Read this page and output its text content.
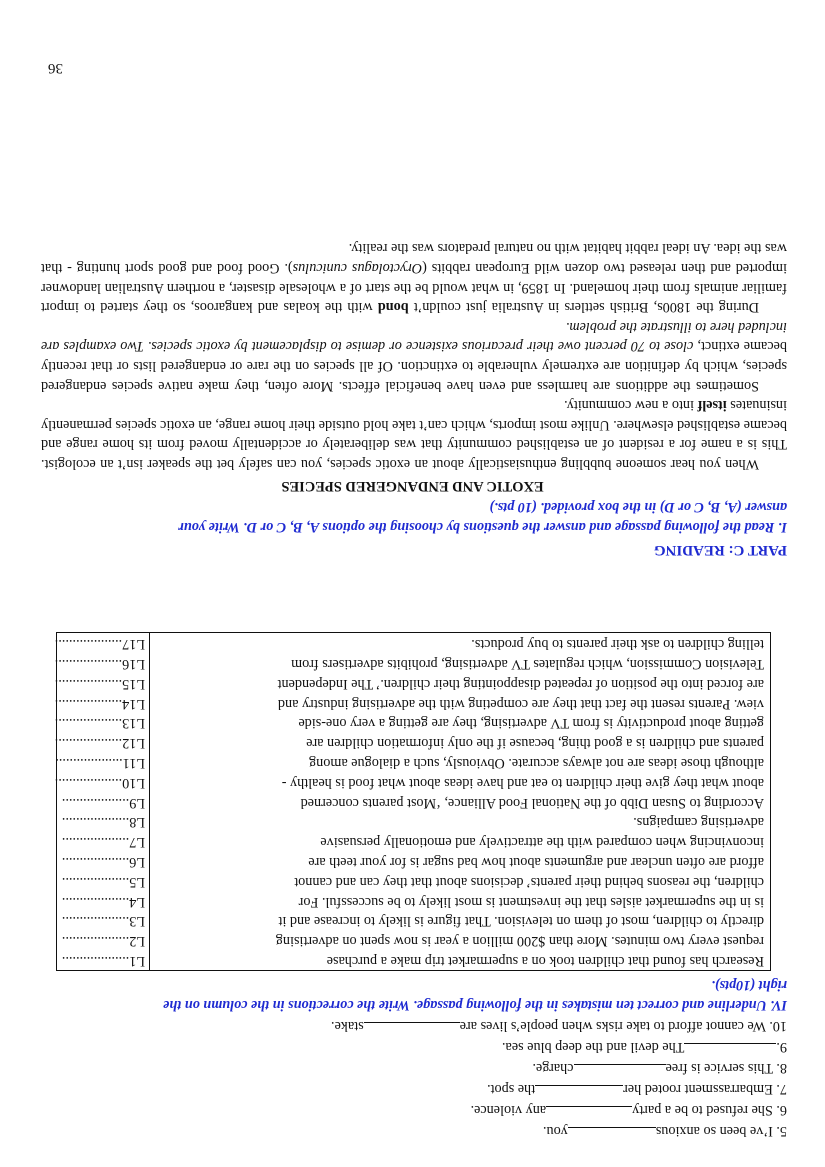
5. I’ve been so anxiousyou.
6. She refused to be a partyany violence.
7. Embarrassment rooted herthe spot.
8. This service is freecharge.
9.The devil and the deep blue sea.
10. We cannot afford to take risks when people’s lives arestake.
IV. Underline and correct ten mistakes in the following passage. Write the corrections in the column on the
right (10pts).
Research has found that children took on a supermarket trip make a purchase	L1...................
request every two minutes. More than $200 million a year is now spent on advertising	L2...................
directly to children, most of them on television. That figure is likely to increase and it	L3...................
is in the supermarket aisles that the investment is most likely to be successful. For	L4...................
children, the reasons behind their parents’ decisions about that they can and cannot	L5...................
afford are often unclear and arguments about how bad sugar is for your teeth are	L6...................
inconvincing when compared with the attractively and emotionally persuasive	L7...................
advertising campaigns.	L8...................
According to Susan Dibb of the National Food Alliance, ‘Most parents concerned	L9...................
about what they give their children to eat and have ideas about what food is healthy -	L10...................
although those ideas are not always accurate. Obviously, such a dialogue among	L11...................
parents and children is a good thing, because if the only information children are	L12...................
getting about productivity is from TV advertising, they are getting a very one-side	L13...................
view. Parents resent the fact that they are competing with the advertising industry and	L14...................
are forced into the position of repeated disappointing their children.’ The Independent	L15...................
Television Commission, which regulates TV advertising, prohibits advertisers from	L16...................
telling children to ask their parents to buy products.	L17...................
PART C: READING
I. Read the following passage and answer the questions by choosing the options A, B, C or D. Write your
answer (A, B, C or D) in the box provided. (10 pts.)
EXOTIC AND ENDANGERED SPECIES

When you hear someone bubbling enthusiastically about an exotic species, you can safely bet the speaker isn’t an ecologist. This is a name for a resident of an established community that was deliberately or accidentally moved from its home range and became established elsewhere. Unlike most imports, which can’t take hold outside their home range, an exotic species permanently insinuates itself into a new community.

Sometimes the additions are harmless and even have beneficial effects. More often, they make native species endangered species, which by definition are extremely vulnerable to extinction. Of all species on the rare or endangered lists or that recently became extinct, close to 70 percent owe their precarious existence or demise to displacement by exotic species. Two examples are included here to illustrate the problem.

During the 1800s, British settlers in Australia just couldn’t bond with the koalas and kangaroos, so they started to import familiar animals from their homeland. In 1859, in what would be the start of a wholesale disaster, a northern Australian landowner imported and then released two dozen wild European rabbits (Oryctolagus cuniculus). Good food and good sport hunting - that was the idea. An ideal rabbit habitat with no natural predators was the reality.

36
